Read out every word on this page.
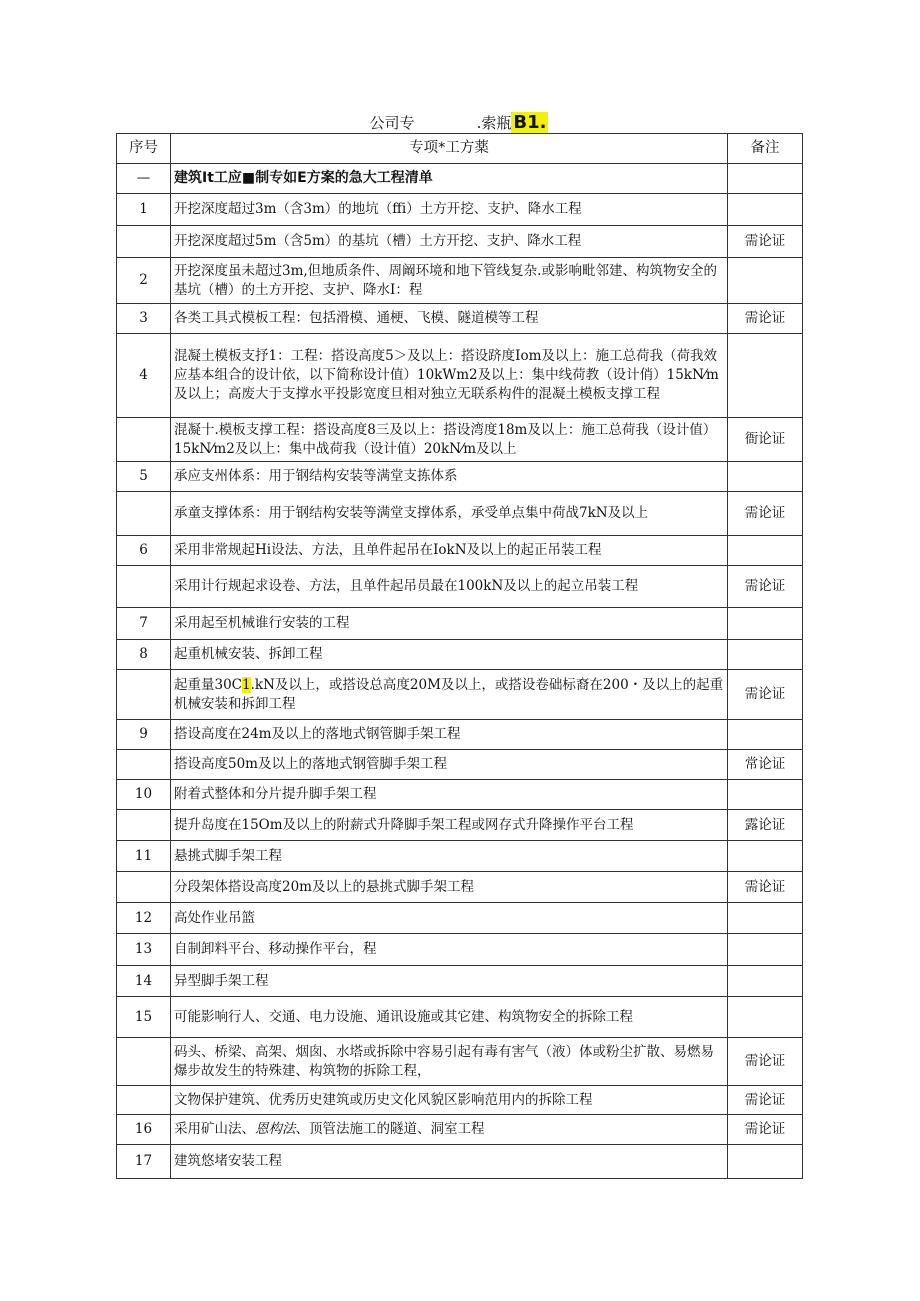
公司专	.索瓶 B1.
序号	专项*工方薬	备注
—	建筑It工应■制专如E方案的急大工程清单	
1	开挖深度超过3m（含3m）的地坑（ffi）土方开挖、支护、降水工程	
	开挖深度超过5m（含5m）的基坑（槽）土方开挖、支护、降水工程	需论证
2	开挖深度虽未超过3m,但地质条件、周阚环境和地下管线复杂.或影响毗邻建、构筑物安全的基坑（槽）的土方开挖、支护、降水I：程	
3	各类工具式模板工程：包括滑模、通梗、飞模、隧道模等工程	需论证
4	混凝土模板支抒1：工程：搭设高度5＞及以上：搭设跻度Iom及以上：施工总荷我（荷我效应基本组合的设计依，以下简称设计值）10kWm2及以上：集中线荷教（设计俏）15kN⁄m及以上；高废大于支撑水平投影宽度旦相对独立无联系构件的混凝土模板支撑工程	
	混凝十.模板支撑工程：搭设高度8三及以上：搭设湾度18m及以上：施工总荷我（设计值）15kN⁄m2及以上：集中战荷我（设计值）20kN⁄m及以上	衙论证
5	承应支州体系：用于钢结构安装等满堂支拣体系	
	承童支撑体系：用于钢结构安装等满堂支撑体系，承受单点集中荷战7kN及以上	需论证
6	采用非常规起Hi设法、方法，且单件起吊在IokN及以上的起正吊装工程	
	采用计行规起求设卷、方法，且单件起吊员最在100kN及以上的起立吊装工程	需论证
7	采用起至机械谁行安装的工程	
8	起重机械安装、拆卸工程	
	起重量30C1.kN及以上，或搭设总高度20M及以上，或搭设卷础标裔在200・及以上的起重机械安装和拆卸工程	需论证
9	搭设高度在24m及以上的落地式钢管脚手架工程	
	搭设高度50m及以上的落地式钢管脚手架工程	常论证
10	附着式整体和分片提升脚手架工程	
	提升岛度在15Om及以上的附薪式升降脚手架工程或网存式升降操作平台工程	露论证
11	悬挑式脚手架工程	
	分段架体搭设高度20m及以上的悬挑式脚手架工程	需论证
12	高处作业吊篮	
13	自制卸料平台、移动操作平台，程	
14	异型脚手架工程	
15	可能影响行人、交通、电力设施、通讯设施或其它建、构筑物安全的拆除工程	
	码头、桥梁、高架、烟囱、水塔或拆除中容易引起有毒有害气（液）体或粉尘扩散、易燃易爆步故发生的特殊建、构筑物的拆除工程，	需论证
	文物保护建筑、优秀历史建筑或历史文化风貌区影响范用内的拆除工程	需论证
16	采用矿山法、恩构法、顶管法施工的隧道、洞室工程	需论证
17	建筑悠堵安装工程	
